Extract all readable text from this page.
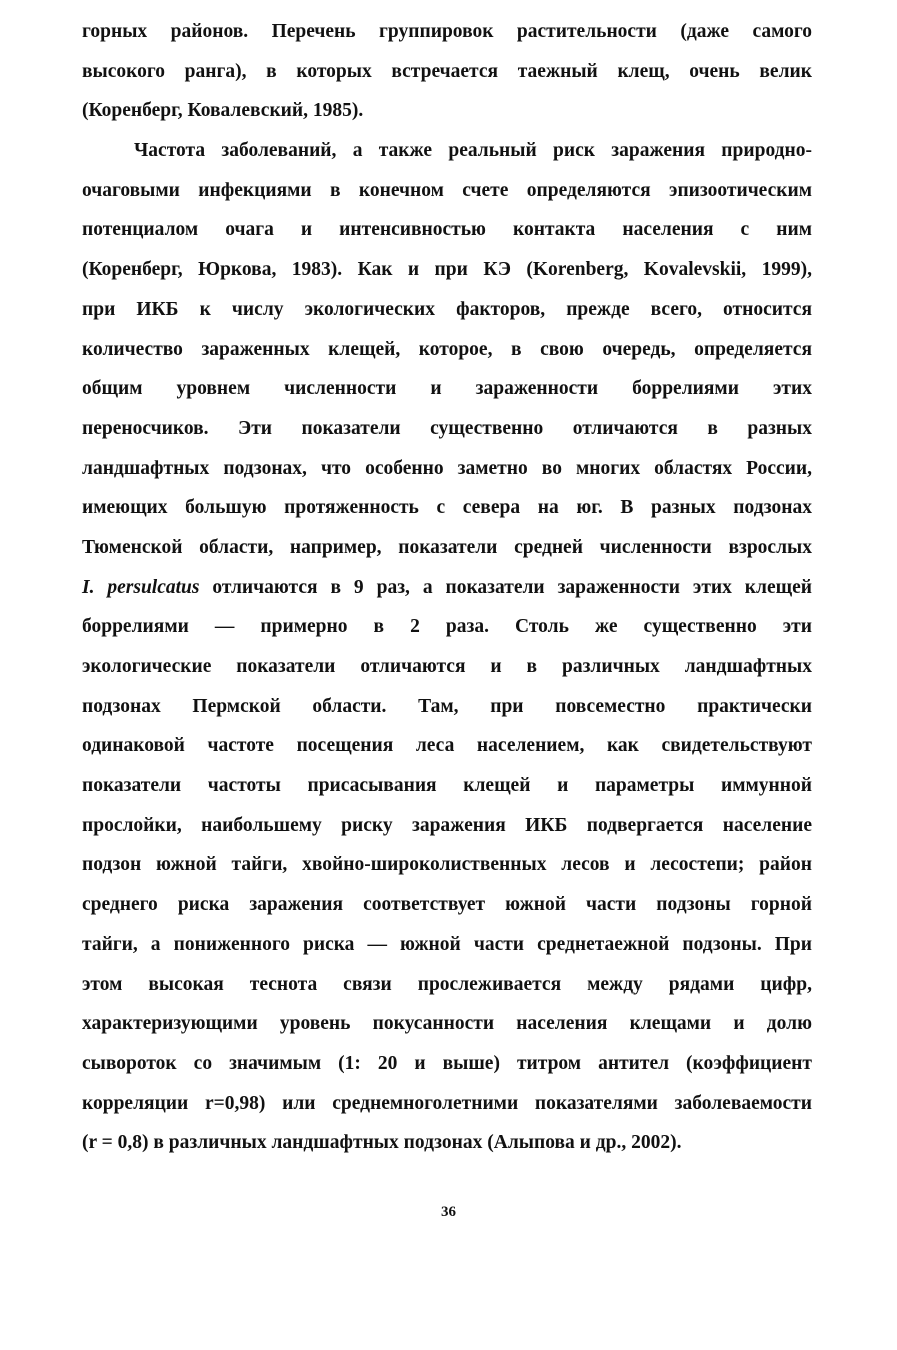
горных районов. Перечень группировок растительности (даже самого
высокого ранга), в которых встречается таежный клещ, очень велик
(Коренберг, Ковалевский, 1985).
Частота заболеваний, а также реальный риск заражения природно-
очаговыми инфекциями в конечном счете определяются эпизоотическим
потенциалом очага и интенсивностью контакта населения с ним
(Коренберг, Юркова, 1983). Как и при КЭ (Korenberg, Kovalevskii, 1999),
при ИКБ к числу экологических факторов, прежде всего, относится
количество зараженных клещей, которое, в свою очередь, определяется
общим уровнем численности и зараженности боррелиями этих
переносчиков. Эти показатели существенно отличаются в разных
ландшафтных подзонах, что особенно заметно во многих областях России,
имеющих большую протяженность с севера на юг. В разных подзонах
Тюменской области, например, показатели средней численности взрослых
I. persulcatus отличаются в 9 раз, а показатели зараженности этих клещей
боррелиями — примерно в 2 раза. Столь же существенно эти
экологические показатели отличаются и в различных ландшафтных
подзонах Пермской области. Там, при повсеместно практически
одинаковой частоте посещения леса населением, как свидетельствуют
показатели частоты присасывания клещей и параметры иммунной
прослойки, наибольшему риску заражения ИКБ подвергается население
подзон южной тайги, хвойно-широколиственных лесов и лесостепи; район
среднего риска заражения соответствует южной части подзоны горной
тайги, а пониженного риска — южной части среднетаежной подзоны. При
этом высокая теснота связи прослеживается между рядами цифр,
характеризующими уровень покусанности населения клещами и долю
сывороток со значимым (1: 20 и выше) титром антител (коэффициент
корреляции r=0,98) или среднемноголетними показателями заболеваемости
(r = 0,8) в различных ландшафтных подзонах (Алыпова и др., 2002).
36
